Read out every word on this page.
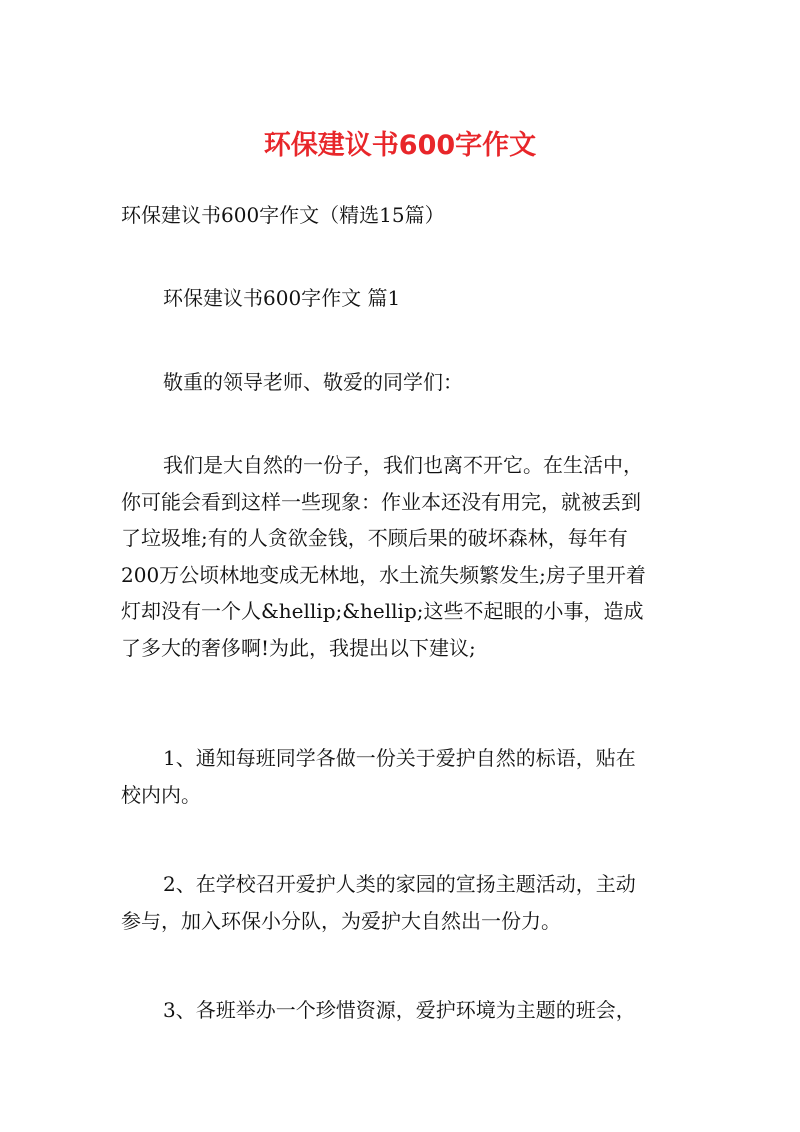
环保建议书600字作文

环保建议书600字作文（精选15篇）

环保建议书600字作文 篇1

敬重的领导老师、敬爱的同学们：

我们是大自然的一份子，我们也离不开它。在生活中，
你可能会看到这样一些现象：作业本还没有用完，就被丢到
了垃圾堆;有的人贪欲金钱，不顾后果的破坏森林，每年有
200万公顷林地变成无林地，水土流失频繁发生;房子里开着
灯却没有一个人&hellip;&hellip;这些不起眼的小事，造成
了多大的奢侈啊!为此，我提出以下建议;

1、通知每班同学各做一份关于爱护自然的标语，贴在
校内内。

2、在学校召开爱护人类的家园的宣扬主题活动，主动
参与，加入环保小分队，为爱护大自然出一份力。

3、各班举办一个珍惜资源，爱护环境为主题的班会，
